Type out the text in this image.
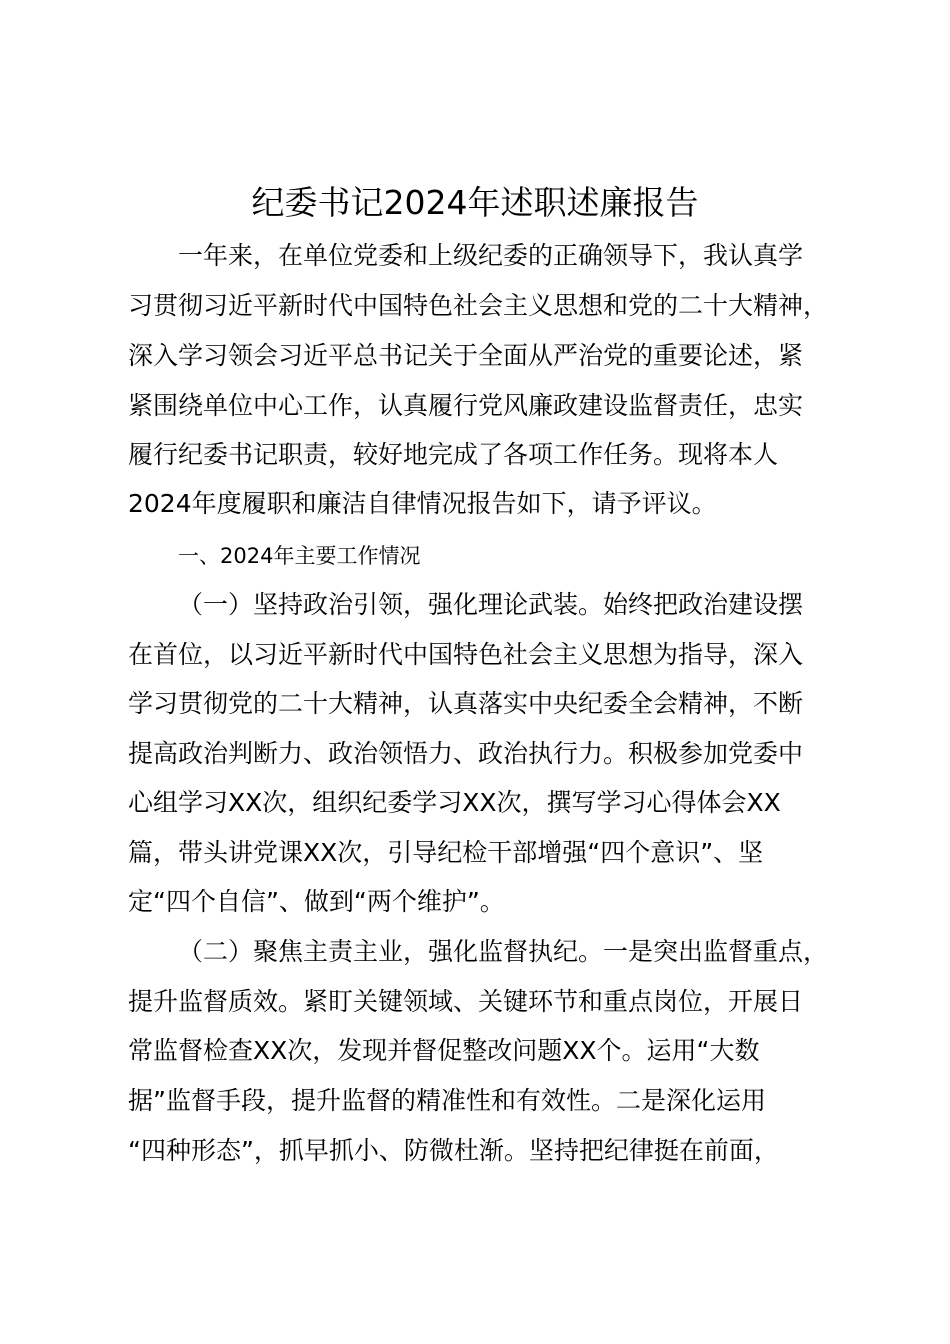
纪委书记2024年述职述廉报告
一年来，在单位党委和上级纪委的正确领导下，我认真学
习贯彻习近平新时代中国特色社会主义思想和党的二十大精神，
深入学习领会习近平总书记关于全面从严治党的重要论述，紧
紧围绕单位中心工作，认真履行党风廉政建设监督责任，忠实
履行纪委书记职责，较好地完成了各项工作任务。现将本人
2024年度履职和廉洁自律情况报告如下，请予评议。
一、2024年主要工作情况
（一）坚持政治引领，强化理论武装。始终把政治建设摆
在首位，以习近平新时代中国特色社会主义思想为指导，深入
学习贯彻党的二十大精神，认真落实中央纪委全会精神，不断
提高政治判断力、政治领悟力、政治执行力。积极参加党委中
心组学习XX次，组织纪委学习XX次，撰写学习心得体会XX
篇，带头讲党课XX次，引导纪检干部增强“四个意识”、坚
定“四个自信”、做到“两个维护”。
（二）聚焦主责主业，强化监督执纪。一是突出监督重点，
提升监督质效。紧盯关键领域、关键环节和重点岗位，开展日
常监督检查XX次，发现并督促整改问题XX个。运用“大数
据”监督手段，提升监督的精准性和有效性。二是深化运用
“四种形态”，抓早抓小、防微杜渐。坚持把纪律挺在前面，
